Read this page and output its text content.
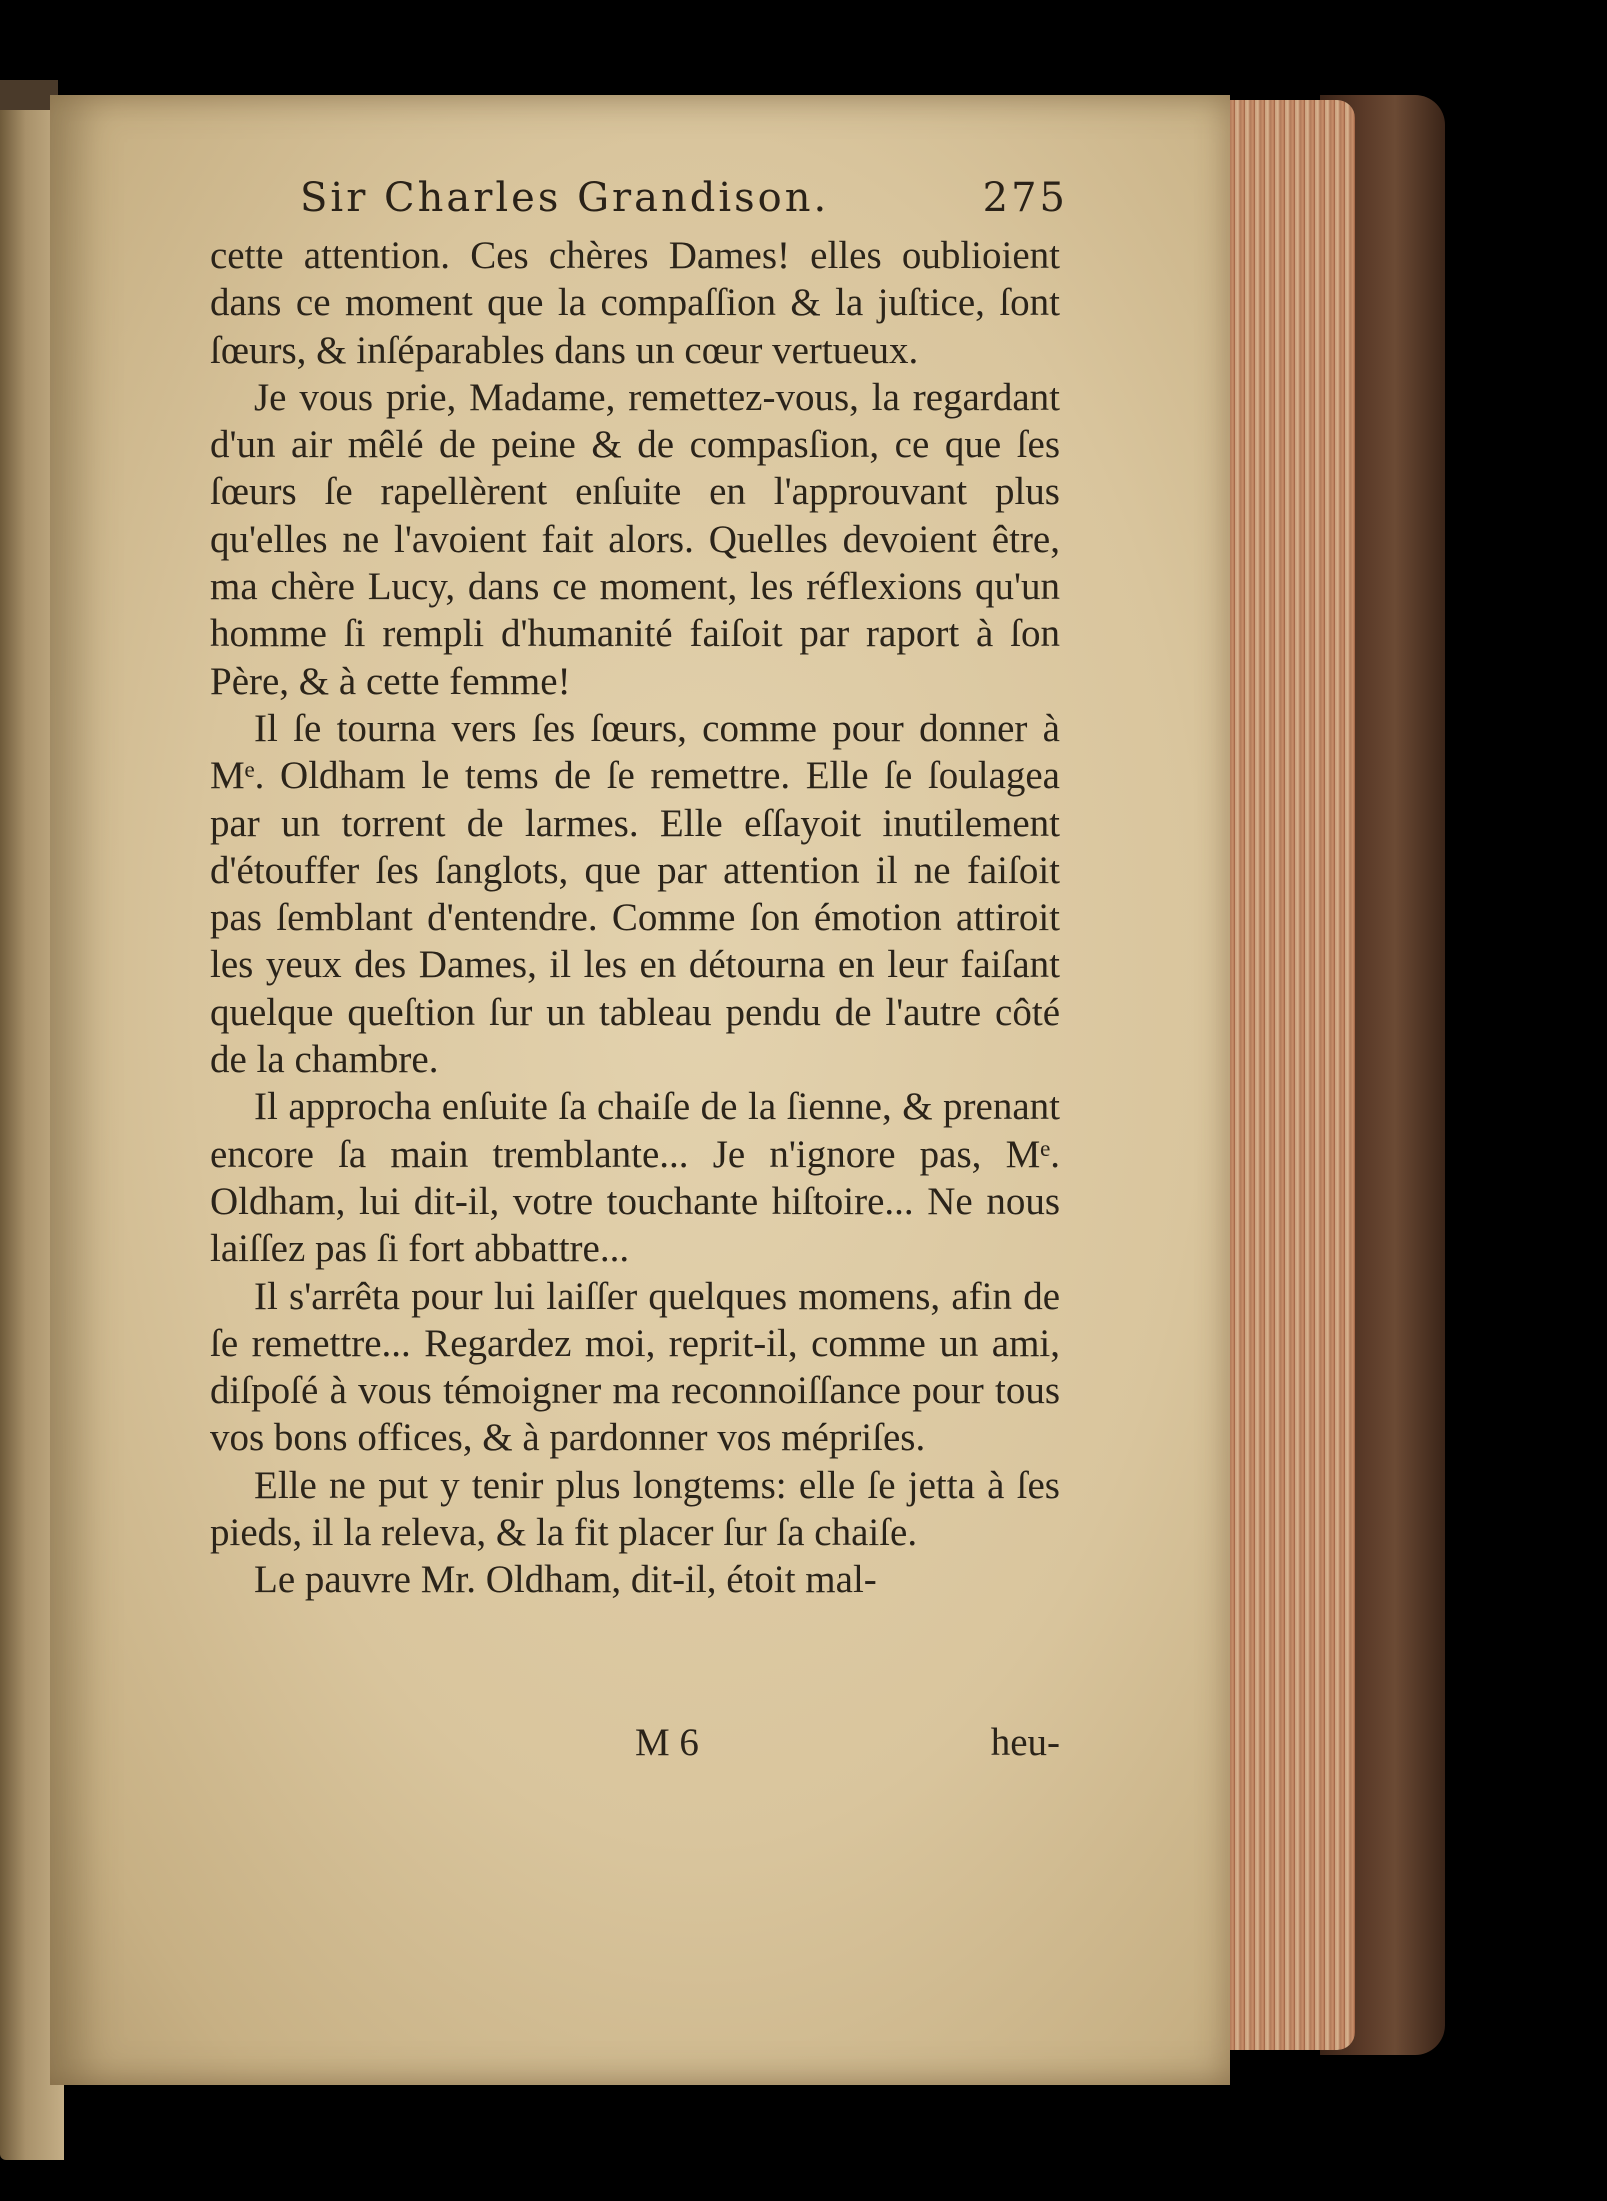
Sir Charles Grandison.	275

cette attention. Ces chères Dames! elles oublioient dans ce moment que la compaſſion & la juſtice, ſont ſœurs, & inſéparables dans un cœur vertueux.

Je vous prie, Madame, remettez-vous, la regardant d'un air mêlé de peine & de compasſion, ce que ſes ſœurs ſe rapellèrent enſuite en l'approuvant plus qu'elles ne l'avoient fait alors. Quelles devoient être, ma chère Lucy, dans ce moment, les réflexions qu'un homme ſi rempli d'humanité faiſoit par raport à ſon Père, & à cette femme!

Il ſe tourna vers ſes ſœurs, comme pour donner à Mᵉ. Oldham le tems de ſe remettre. Elle ſe ſoulagea par un torrent de larmes. Elle eſſayoit inutilement d'étouffer ſes ſanglots, que par attention il ne faiſoit pas ſemblant d'entendre. Comme ſon émotion attiroit les yeux des Dames, il les en détourna en leur faiſant quelque queſtion ſur un tableau pendu de l'autre côté de la chambre.

Il approcha enſuite ſa chaiſe de la ſienne, & prenant encore ſa main tremblante... Je n'ignore pas, Mᵉ. Oldham, lui dit-il, votre touchante hiſtoire... Ne nous laiſſez pas ſi fort abbattre...

Il s'arrêta pour lui laiſſer quelques momens, afin de ſe remettre... Regardez moi, reprit-il, comme un ami, diſpoſé à vous témoigner ma reconnoiſſance pour tous vos bons offices, & à pardonner vos mépriſes.

Elle ne put y tenir plus longtems: elle ſe jetta à ſes pieds, il la releva, & la fit placer ſur ſa chaiſe.

Le pauvre Mr. Oldham, dit-il, étoit mal-

M 6	heu-
